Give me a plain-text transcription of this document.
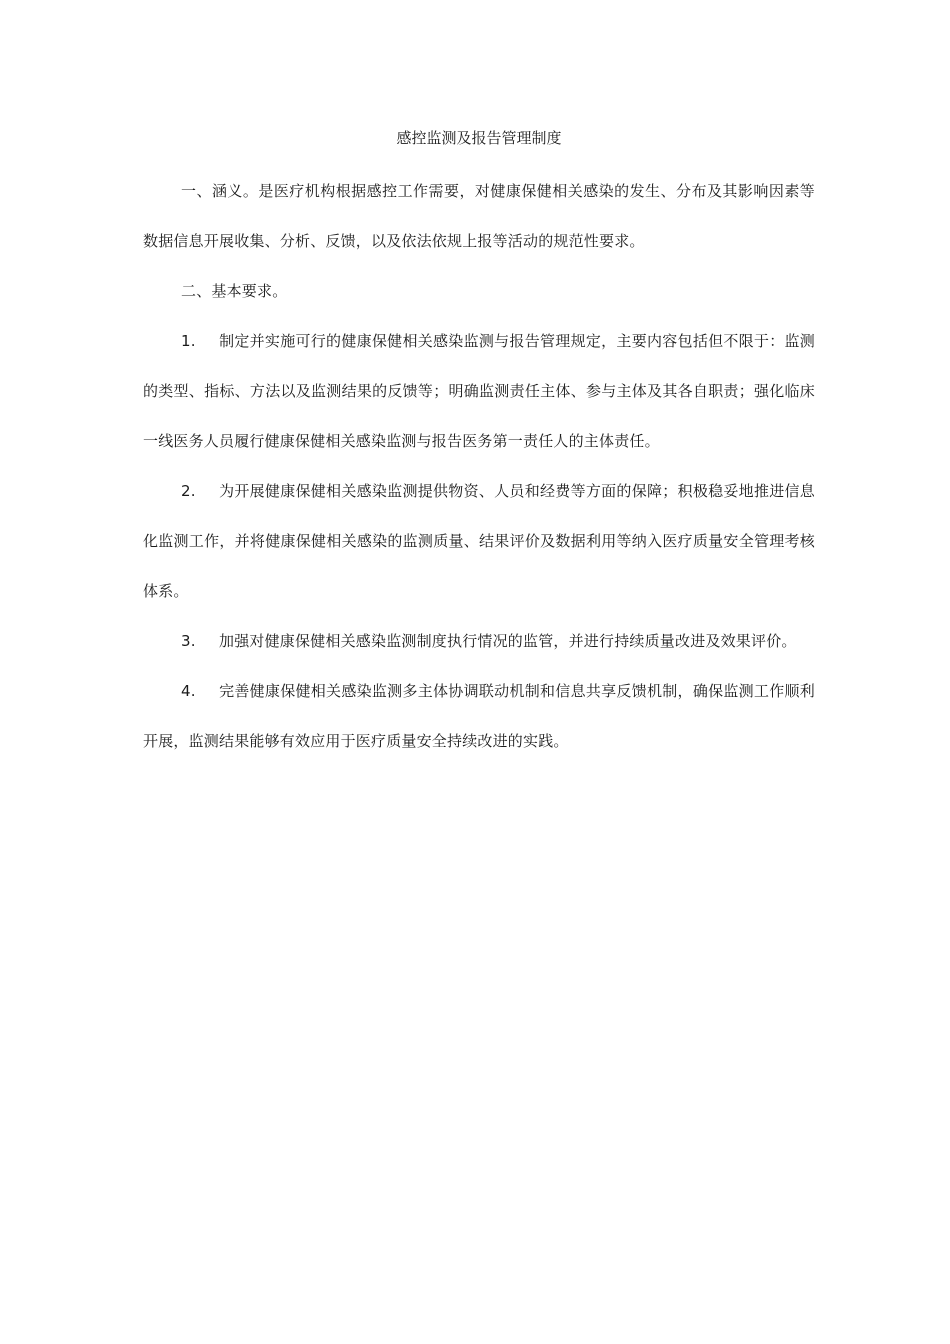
感控监测及报告管理制度

一、涵义。是医疗机构根据感控工作需要，对健康保健相关感染的发生、分布及其影响因素等数据信息开展收集、分析、反馈，以及依法依规上报等活动的规范性要求。

二、基本要求。

1. 制定并实施可行的健康保健相关感染监测与报告管理规定，主要内容包括但不限于：监测的类型、指标、方法以及监测结果的反馈等；明确监测责任主体、参与主体及其各自职责；强化临床一线医务人员履行健康保健相关感染监测与报告医务第一责任人的主体责任。

2. 为开展健康保健相关感染监测提供物资、人员和经费等方面的保障；积极稳妥地推进信息化监测工作，并将健康保健相关感染的监测质量、结果评价及数据利用等纳入医疗质量安全管理考核体系。

3. 加强对健康保健相关感染监测制度执行情况的监管，并进行持续质量改进及效果评价。

4. 完善健康保健相关感染监测多主体协调联动机制和信息共享反馈机制，确保监测工作顺利开展，监测结果能够有效应用于医疗质量安全持续改进的实践。
